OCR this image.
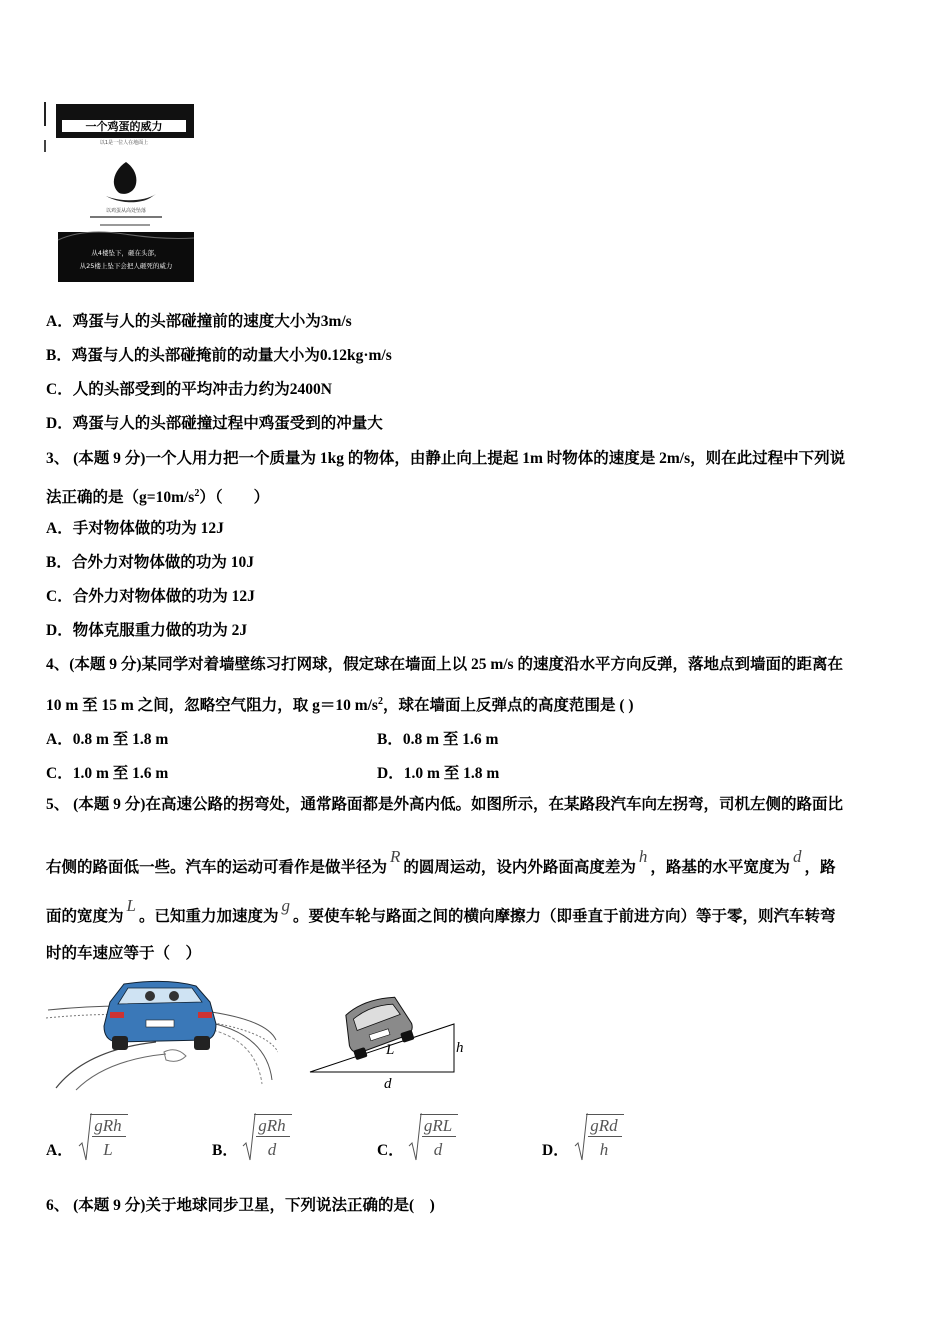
一个鸡蛋的威力
以1是一位人在地面上
以鸡蛋从高处坠落
从4楼坠下，砸在头部，
从25楼上坠下会把人砸死的威力
A．鸡蛋与人的头部碰撞前的速度大小为3m/s
B．鸡蛋与人的头部碰掩前的动量大小为0.12kg·m/s
C．人的头部受到的平均冲击力约为2400N
D．鸡蛋与人的头部碰撞过程中鸡蛋受到的冲量大
3、 (本题 9 分)一个人用力把一个质量为 1kg 的物体，由静止向上提起 1m 时物体的速度是 2m/s，则在此过程中下列说
法正确的是$(g=10m/s^2)$（　　）
A．手对物体做的功为 12J
B．合外力对物体做的功为 10J
C．合外力对物体做的功为 12J
D．物体克服重力做的功为 2J
4、(本题 9 分)某同学对着墙壁练习打网球，假定球在墙面上以 25 m/s 的速度沿水平方向反弹，落地点到墙面的距离在
10 m 至 15 m 之间，忽略空气阻力，取 g＝10 $m/s^2$，球在墙面上反弹点的高度范围是 ( )
A．0.8 m 至 1.8 m	B．0.8 m 至 1.6 m
C．1.0 m 至 1.6 m	D．1.0 m 至 1.8 m
5、 (本题 9 分)在高速公路的拐弯处，通常路面都是外高内低。如图所示，在某路段汽车向左拐弯，司机左侧的路面比
右侧的路面低一些。汽车的运动可看作是做半径为R的圆周运动，设内外路面高度差为h，路基的水平宽度为d，路
面的宽度为L。已知重力加速度为g。要使车轮与路面之间的横向摩擦力（即垂直于前进方向）等于零，则汽车转弯
时的车速应等于（　）
L	h
d
A．
gRh
L	B．
gRh
d	C．
gRL
d	D．
gRd
h
6、 (本题 9 分)关于地球同步卫星，下列说法正确的是(　)
